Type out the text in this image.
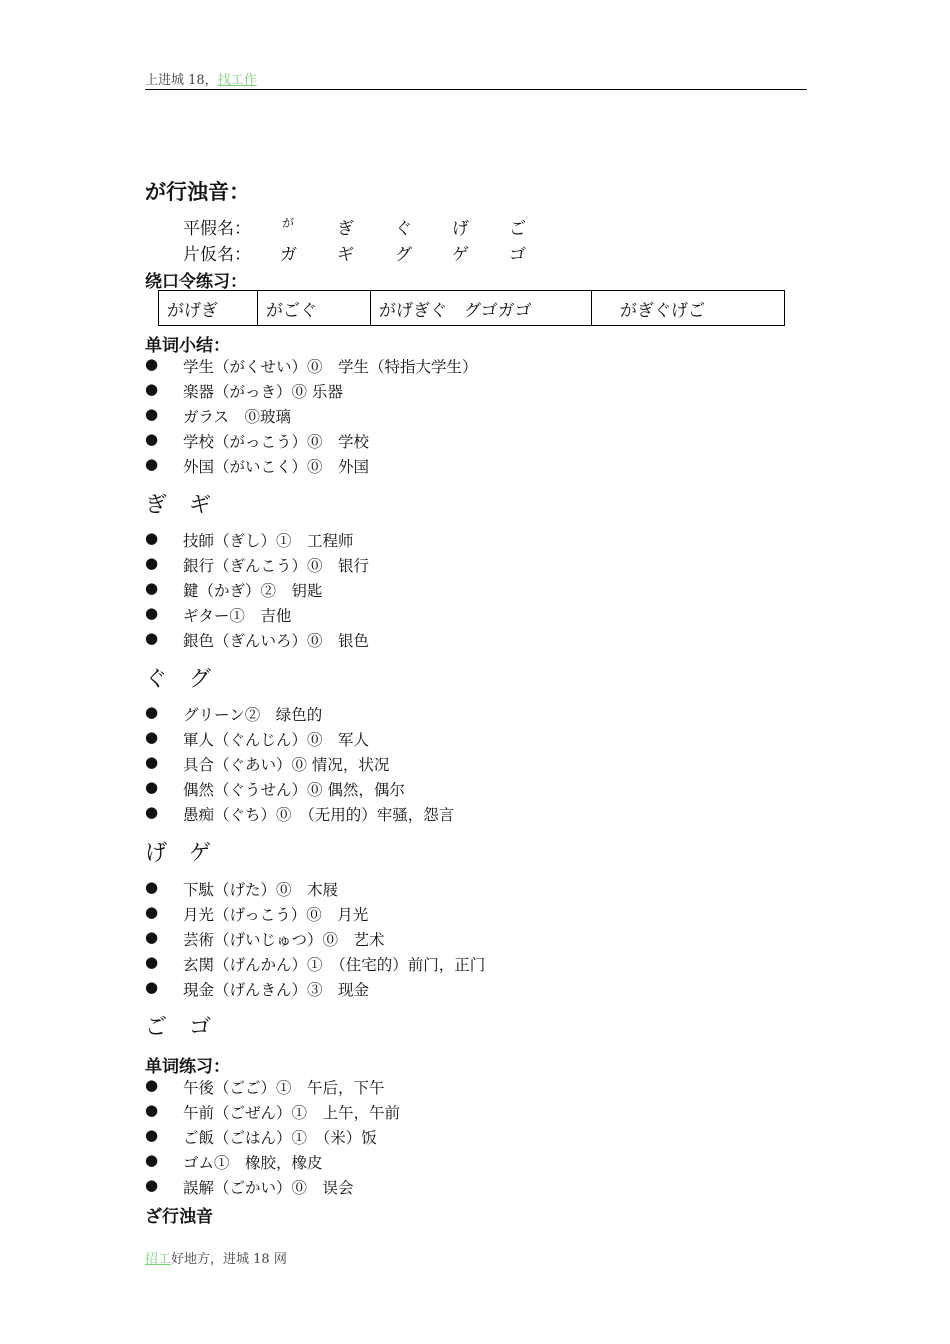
上进城 18，找工作
が行浊音：
平假名：	が	ぎ ぐ げ ご
片仮名： ガ ギ グ ゲ ゴ
绕口令练习：
がげぎ	がごぐ	がげぎぐ　グゴガゴ	がぎぐげご
单词小结：
● 学生（がくせい）⓪　学生（特指大学生）
● 楽器（がっき）⓪ 乐器
● ガラス　⓪玻璃
● 学校（がっこう）⓪　学校
● 外国（がいこく）⓪　外国
ぎ　ギ
● 技師（ぎし）①　工程师
● 銀行（ぎんこう）⓪　银行
● 鍵（かぎ）②　钥匙
● ギター①　吉他
● 銀色（ぎんいろ）⓪　银色
ぐ　グ
● グリーン②　绿色的
● 軍人（ぐんじん）⓪　军人
● 具合（ぐあい）⓪ 情况，状况
● 偶然（ぐうせん）⓪ 偶然，偶尔
● 愚痴（ぐち）⓪　（无用的）牢骚，怨言
げ　ゲ
● 下駄（げた）⓪　木屐
● 月光（げっこう）⓪　月光
● 芸術（げいじゅつ）⓪　艺术
● 玄関（げんかん）①　（住宅的）前门，正门
● 現金（げんきん）③　现金
ご　ゴ
单词练习：
● 午後（ごご）①　午后，下午
● 午前（ごぜん）①　上午，午前
● ご飯（ごはん）①　（米）饭
● ゴム①　橡胶，橡皮
● 誤解（ごかい）⓪　误会
ざ行浊音
招工好地方，进城 18 网
